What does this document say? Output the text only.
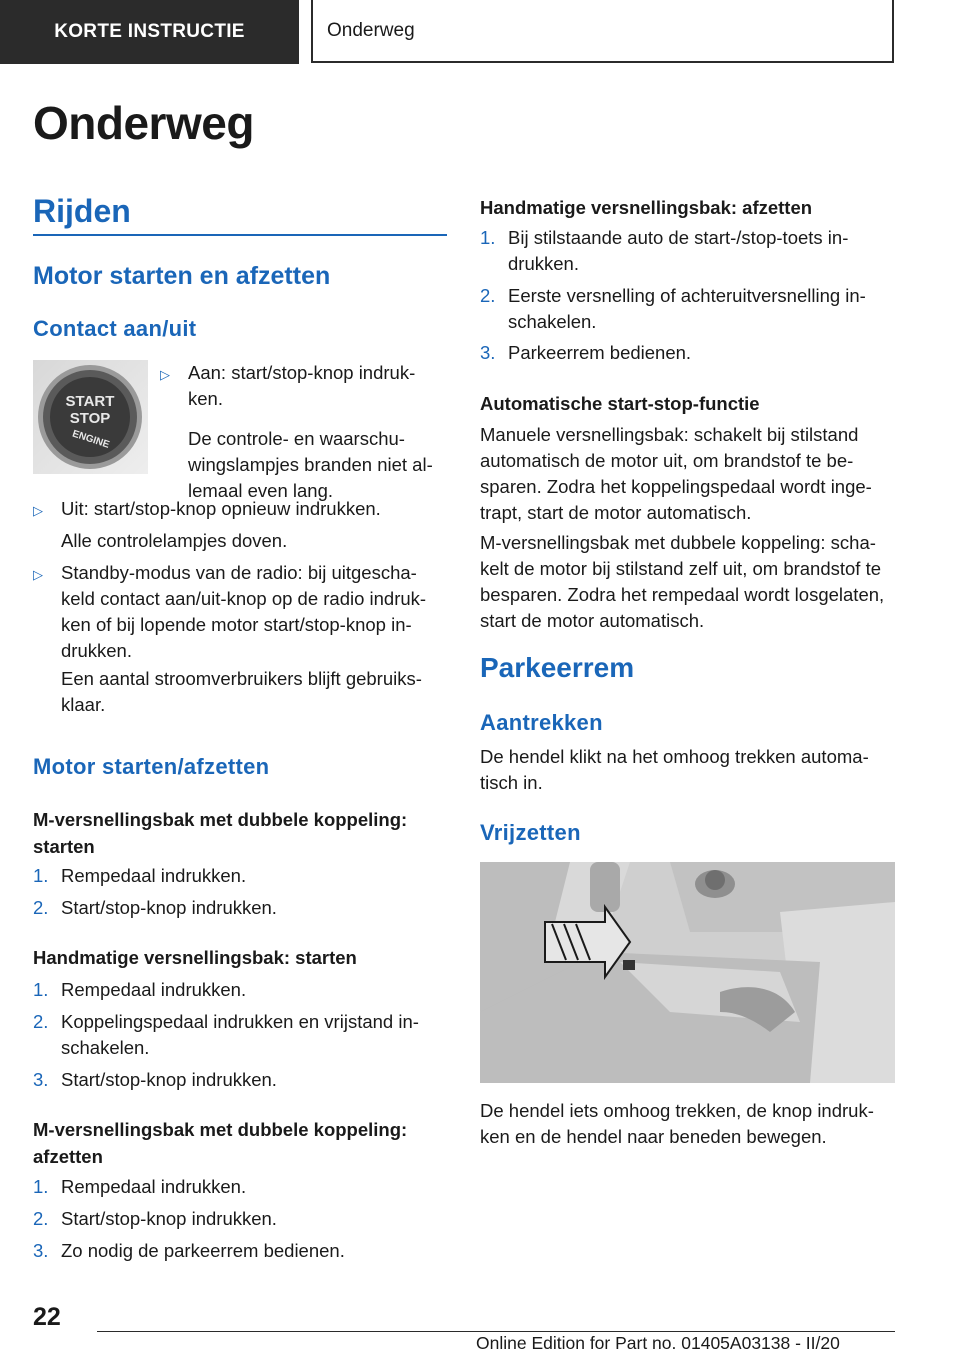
KORTE INSTRUCTIE	Onderweg
Onderweg
Rijden
Motor starten en afzetten
Contact aan/uit
START
STOP
ENGINE
▷ Aan: start/stop-knop indruk-ken.

De controle- en waarschu-wingslampjes branden niet al-lemaal even lang.

▷ Uit: start/stop-knop opnieuw indrukken.

Alle controlelampjes doven.

▷ Standby-modus van de radio: bij uitgescha-keld contact aan/uit-knop op de radio indruk-ken of bij lopende motor start/stop-knop in-drukken.

Een aantal stroomverbruikers blijft gebruiks-klaar.

Motor starten/afzetten

M-versnellingsbak met dubbele koppeling: starten

1. Rempedaal indrukken.

2. Start/stop-knop indrukken.

Handmatige versnellingsbak: starten

1. Rempedaal indrukken.

2. Koppelingspedaal indrukken en vrijstand in-schakelen.

3. Start/stop-knop indrukken.

M-versnellingsbak met dubbele koppeling: afzetten

1. Rempedaal indrukken.

2. Start/stop-knop indrukken.

3. Zo nodig de parkeerrem bedienen.

Handmatige versnellingsbak: afzetten

1. Bij stilstaande auto de start-/stop-toets in-drukken.

2. Eerste versnelling of achteruitversnelling in-schakelen.

3. Parkeerrem bedienen.

Automatische start-stop-functie

Manuele versnellingsbak: schakelt bij stilstand automatisch de motor uit, om brandstof te be-sparen. Zodra het koppelingspedaal wordt inge-trapt, start de motor automatisch.

M-versnellingsbak met dubbele koppeling: scha-kelt de motor bij stilstand zelf uit, om brandstof te besparen. Zodra het rempedaal wordt losgelaten, start de motor automatisch.

Parkeerrem
Aantrekken

De hendel klikt na het omhoog trekken automa-tisch in.

Vrijzetten

De hendel iets omhoog trekken, de knop indruk-ken en de hendel naar beneden bewegen.

22
Online Edition for Part no. 01405A03138 - II/20
